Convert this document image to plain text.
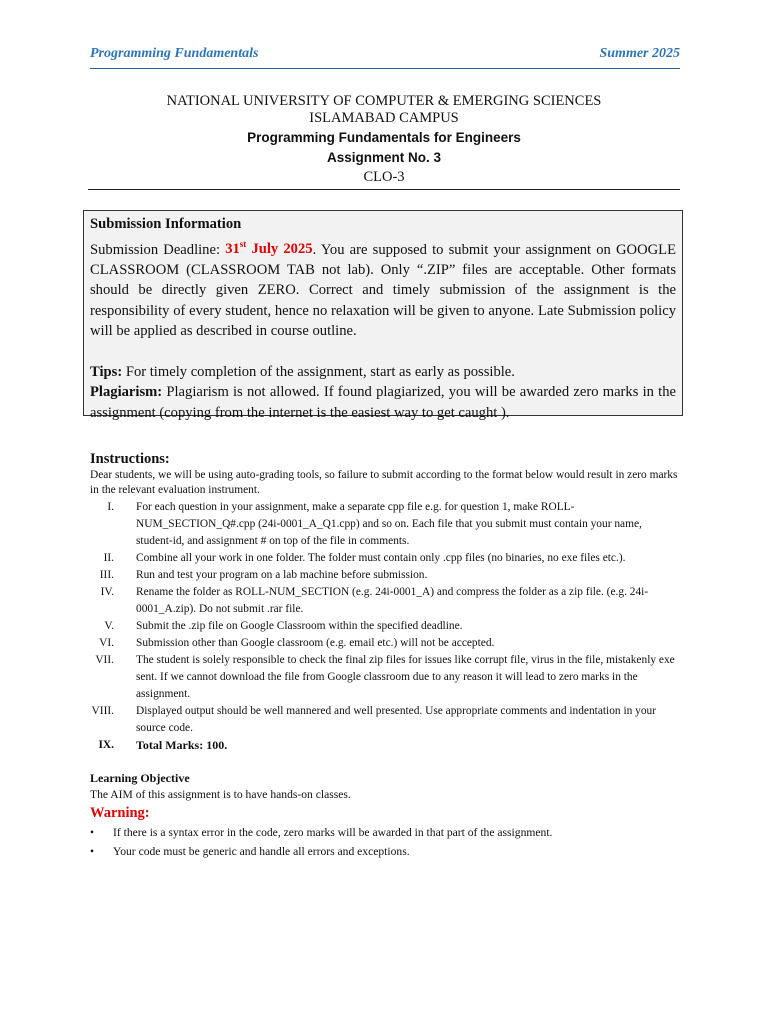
Programming Fundamentals	Summer 2025
NATIONAL UNIVERSITY OF COMPUTER & EMERGING SCIENCES
ISLAMABAD CAMPUS
Programming Fundamentals for Engineers
Assignment No. 3
CLO-3
Submission Information
Submission Deadline: 31st July 2025. You are supposed to submit your assignment on GOOGLE CLASSROOM (CLASSROOM TAB not lab). Only “.ZIP” files are acceptable. Other formats should be directly given ZERO. Correct and timely submission of the assignment is the responsibility of every student, hence no relaxation will be given to anyone. Late Submission policy will be applied as described in course outline.
Tips: For timely completion of the assignment, start as early as possible.
Plagiarism: Plagiarism is not allowed. If found plagiarized, you will be awarded zero marks in the assignment (copying from the internet is the easiest way to get caught ).
Instructions:
Dear students, we will be using auto-grading tools, so failure to submit according to the format below would result in zero marks in the relevant evaluation instrument.
I. For each question in your assignment, make a separate cpp file e.g. for question 1, make ROLL-NUM_SECTION_Q#.cpp (24i-0001_A_Q1.cpp) and so on. Each file that you submit must contain your name, student-id, and assignment # on top of the file in comments.
II. Combine all your work in one folder. The folder must contain only .cpp files (no binaries, no exe files etc.).
III. Run and test your program on a lab machine before submission.
IV. Rename the folder as ROLL-NUM_SECTION (e.g. 24i-0001_A) and compress the folder as a zip file. (e.g. 24i-0001_A.zip). Do not submit .rar file.
V. Submit the .zip file on Google Classroom within the specified deadline.
VI. Submission other than Google classroom (e.g. email etc.) will not be accepted.
VII. The student is solely responsible to check the final zip files for issues like corrupt file, virus in the file, mistakenly exe sent. If we cannot download the file from Google classroom due to any reason it will lead to zero marks in the assignment.
VIII. Displayed output should be well mannered and well presented. Use appropriate comments and indentation in your source code.
IX. Total Marks: 100.
Learning Objective
The AIM of this assignment is to have hands-on classes.
Warning:
• If there is a syntax error in the code, zero marks will be awarded in that part of the assignment.
• Your code must be generic and handle all errors and exceptions.
